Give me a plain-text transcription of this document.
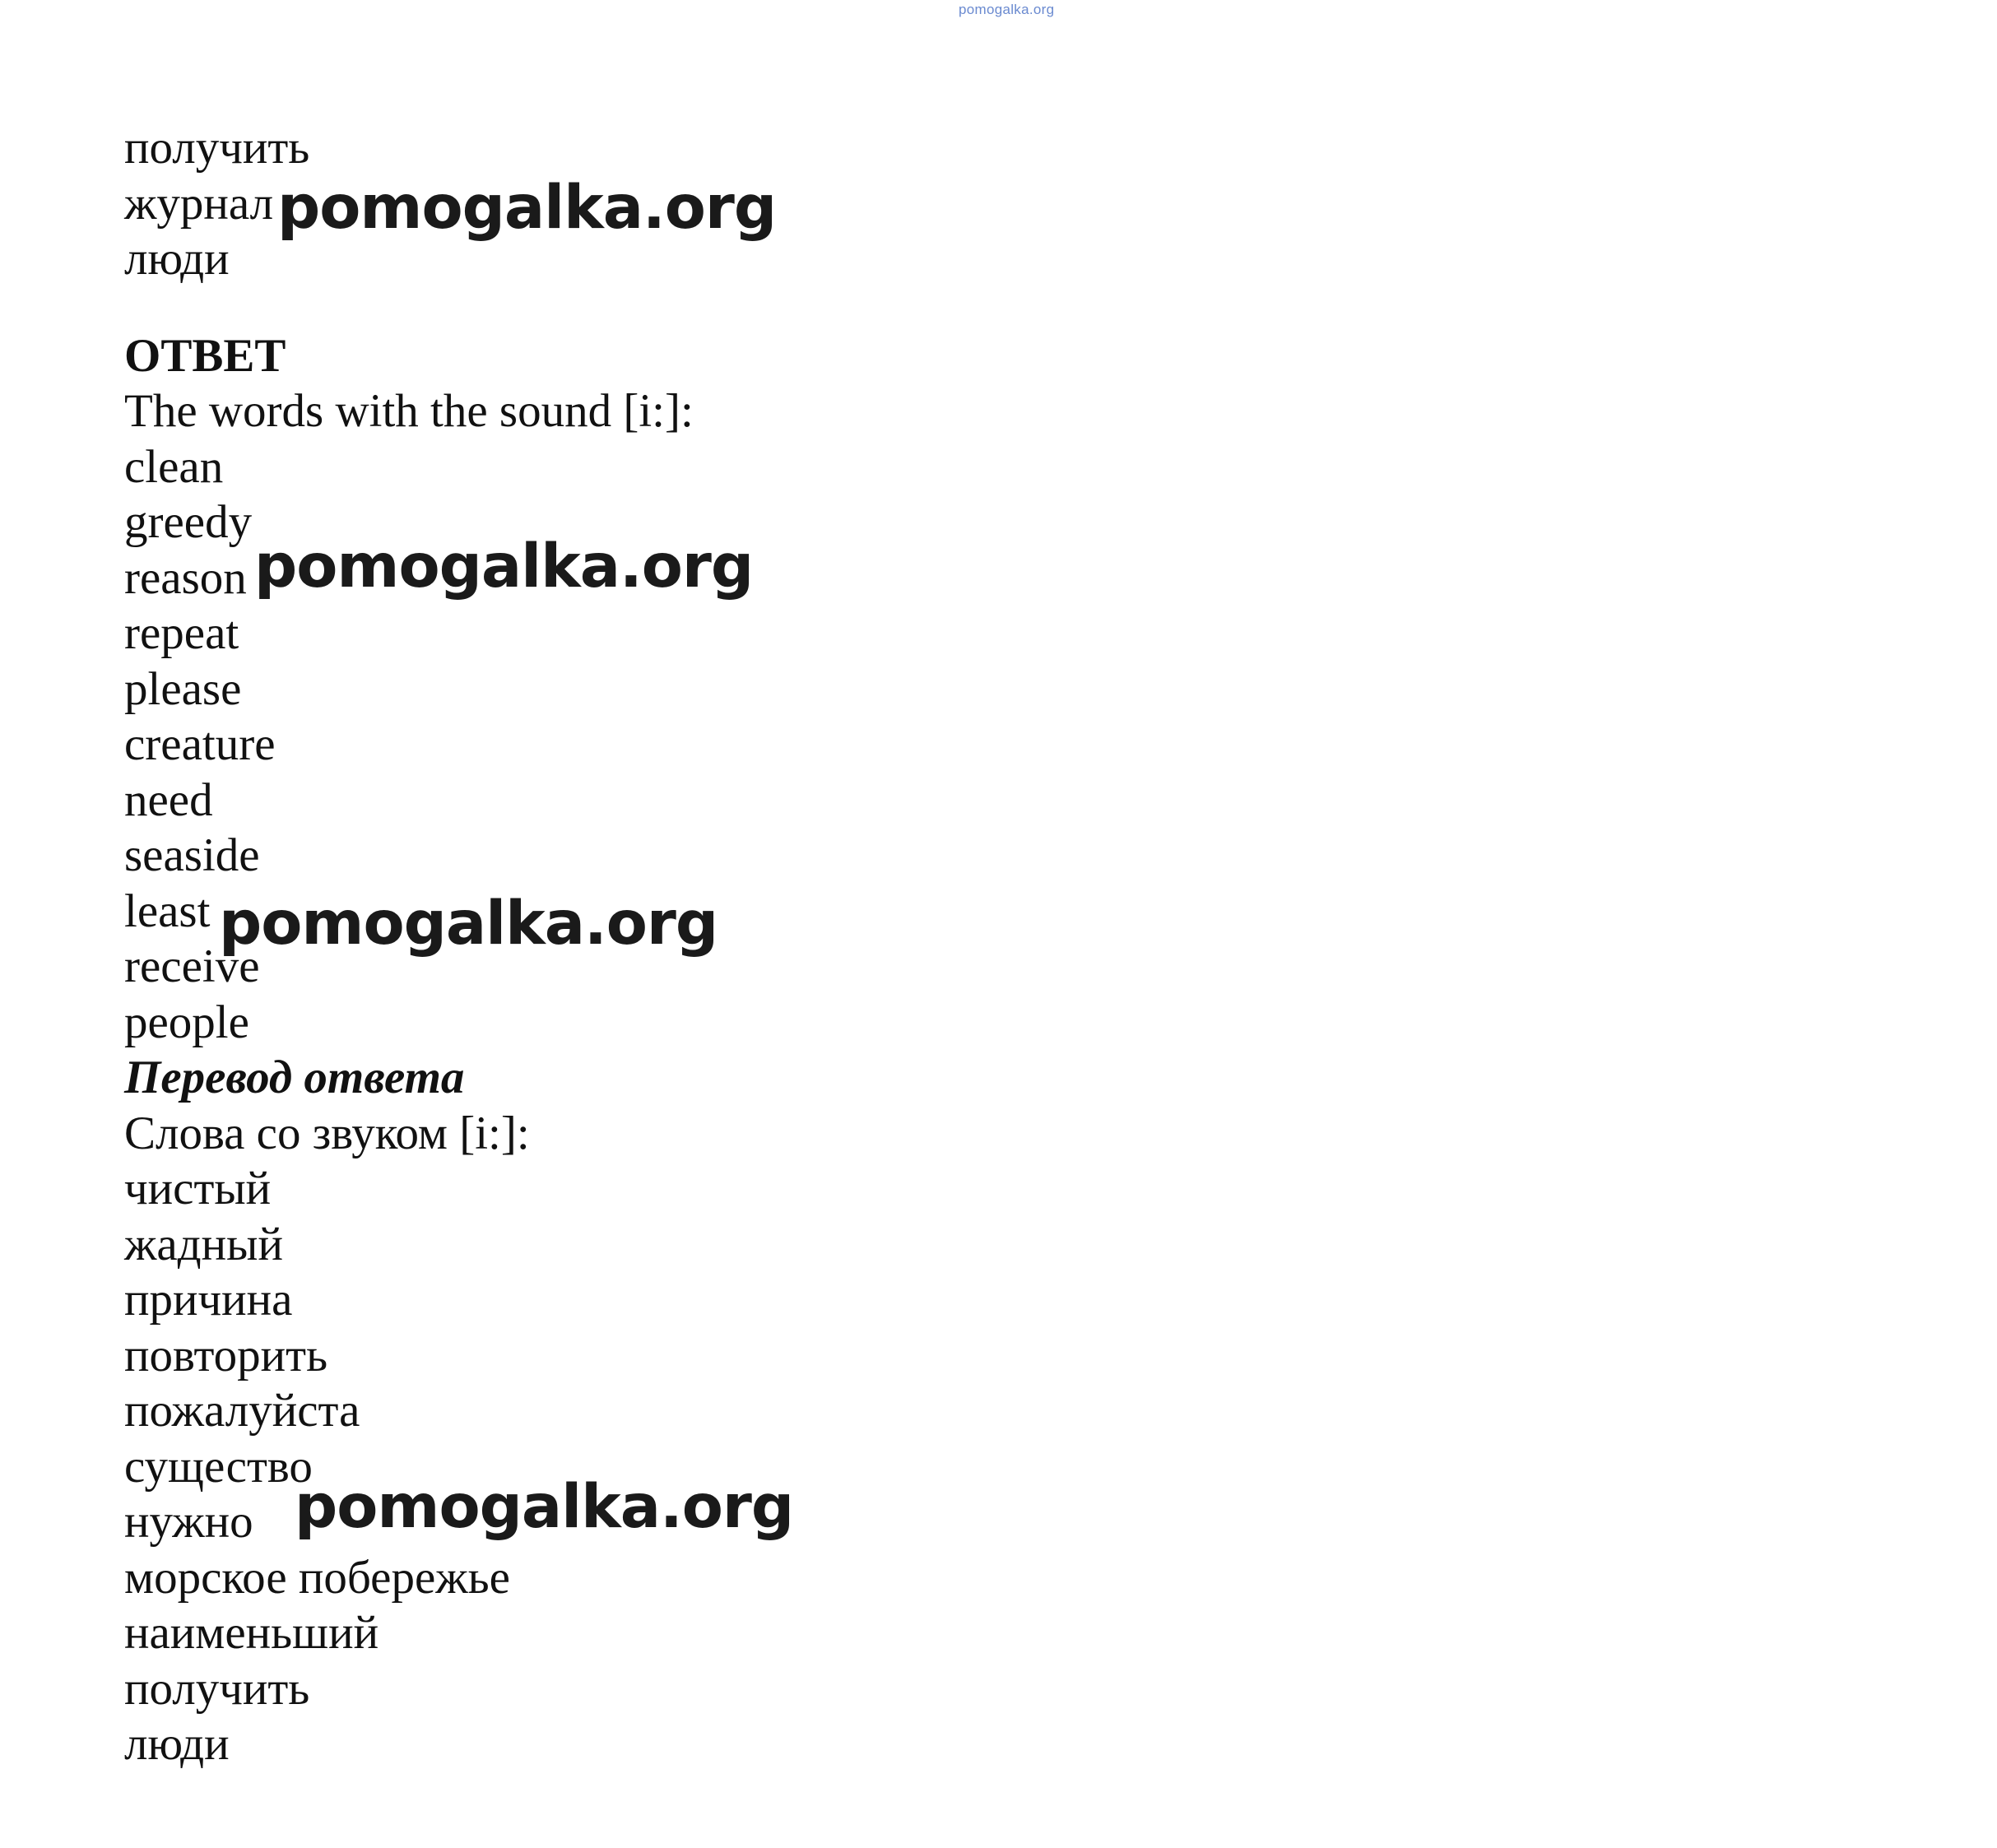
pomogalka.org
получить
журнал
люди
ОТВЕТ
The words with the sound [i:]:
clean
greedy
reason
repeat
please
creature
need
seaside
least
receive
people
Перевод ответа
Слова со звуком [i:]:
чистый
жадный
причина
повторить
пожалуйста
существо
нужно
морское побережье
наименьший
получить
люди
pomogalka.org
pomogalka.org
pomogalka.org
pomogalka.org
